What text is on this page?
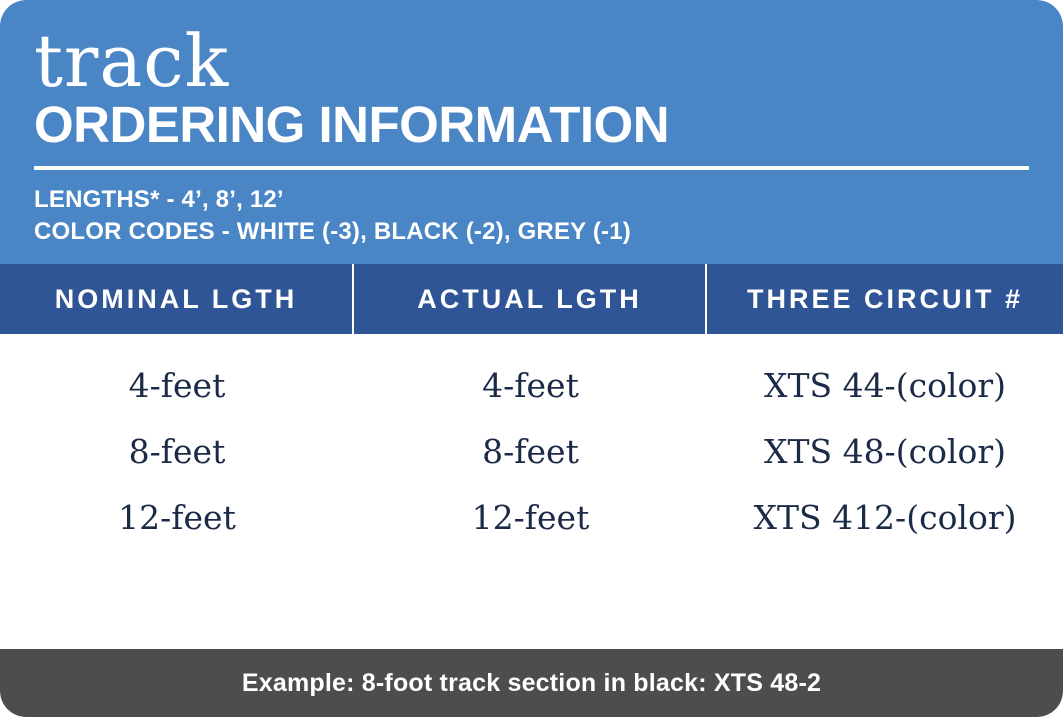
track
ORDERING INFORMATION
LENGTHS* - 4’, 8’, 12’
COLOR CODES - WHITE (-3), BLACK (-2), GREY (-1)
NOMINAL LGTH	ACTUAL LGTH	THREE CIRCUIT #
4-feet	4-feet	XTS 44-(color)
8-feet	8-feet	XTS 48-(color)
12-feet	12-feet	XTS 412-(color)
Example: 8-foot track section in black: XTS 48-2
